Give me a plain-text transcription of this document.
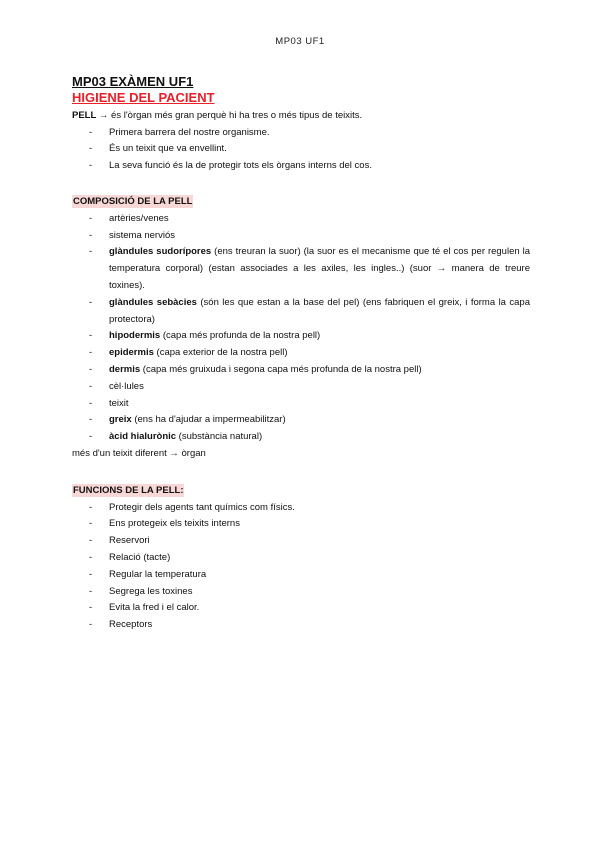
MP03 UF1

MP03 EXÀMEN UF1

HIGIENE DEL PACIENT

PELL → és l'òrgan més gran perquè hi ha tres o més tipus de teixits.

- Primera barrera del nostre organisme.
- És un teixit que va envellint.
- La seva funció és la de protegir tots els òrgans interns del cos.
COMPOSICIÓ DE LA PELL
- artèries/venes
- sistema nerviós
- glàndules sudorípores (ens treuran la suor) (la suor es el mecanisme que té el cos per regulen la temperatura corporal) (estan associades a les axiles, les ingles..) (suor → manera de treure toxines).
- glàndules sebàcies (són les que estan a la base del pel) (ens fabriquen el greix, i forma la capa protectora)
- hipodermis (capa més profunda de la nostra pell)
- epidermis (capa exterior de la nostra pell)
- dermis (capa més gruixuda i segona capa més profunda de la nostra pell)
- cèl·lules
- teixit
- greix (ens ha d'ajudar a impermeabilitzar)
- àcid hialurònic (substància natural)

més d'un teixit diferent → òrgan

FUNCIONS DE LA PELL:
- Protegir dels agents tant químics com físics.
- Ens protegeix els teixits interns
- Reservori
- Relació (tacte)
- Regular la temperatura
- Segrega les toxines
- Evita la fred i el calor.
- Receptors
